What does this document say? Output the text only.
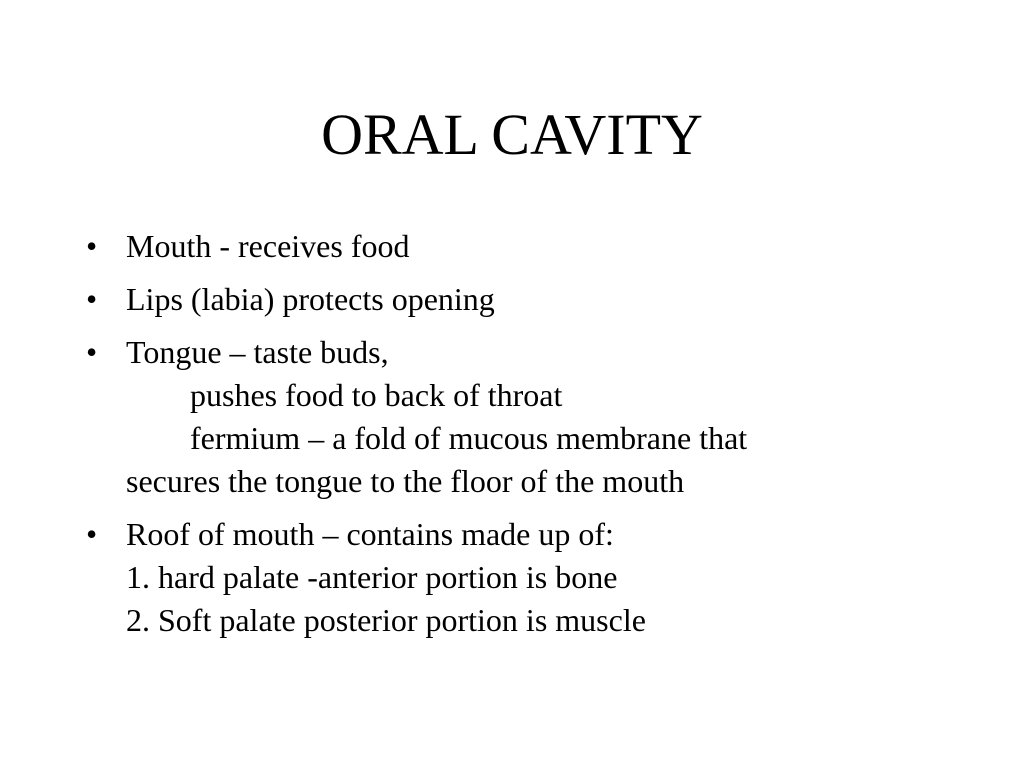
ORAL CAVITY
• Mouth - receives food
• Lips (labia) protects opening
• Tongue – taste buds,
pushes food to back of throat
fermium – a fold of mucous membrane that
secures the tongue to the floor of the mouth
• Roof of mouth – contains made up of:
1. hard palate -anterior portion is bone
2. Soft palate posterior portion is muscle
